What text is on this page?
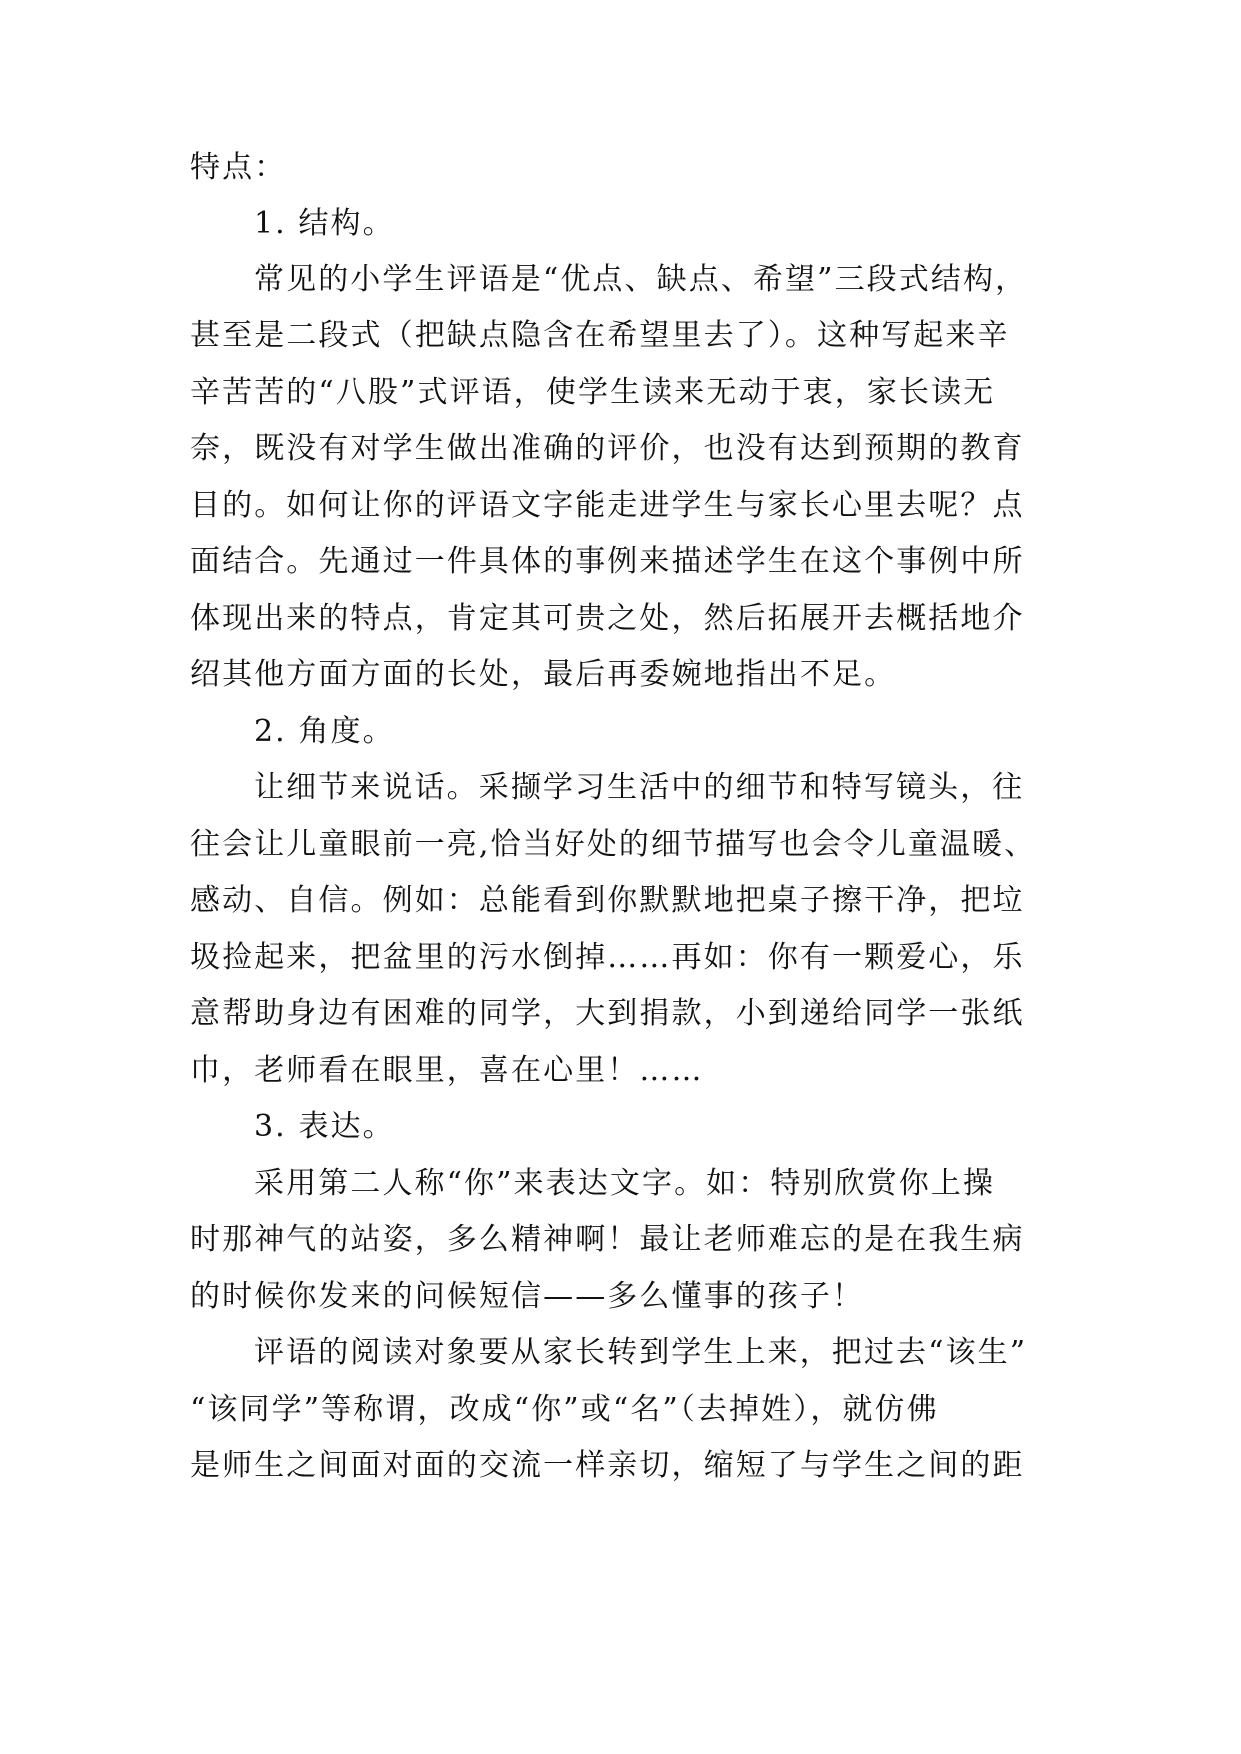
特点：

1. 结构。

常见的小学生评语是“优点、缺点、希望”三段式结构，

甚至是二段式（把缺点隐含在希望里去了）。这种写起来辛

辛苦苦的“八股”式评语，使学生读来无动于衷，家长读无

奈，既没有对学生做出准确的评价，也没有达到预期的教育

目的。如何让你的评语文字能走进学生与家长心里去呢？点

面结合。先通过一件具体的事例来描述学生在这个事例中所

体现出来的特点，肯定其可贵之处，然后拓展开去概括地介

绍其他方面方面的长处，最后再委婉地指出不足。

2. 角度。

让细节来说话。采撷学习生活中的细节和特写镜头，往

往会让儿童眼前一亮,恰当好处的细节描写也会令儿童温暖、

感动、自信。例如：总能看到你默默地把桌子擦干净，把垃

圾捡起来，把盆里的污水倒掉……再如：你有一颗爱心，乐

意帮助身边有困难的同学，大到捐款，小到递给同学一张纸

巾，老师看在眼里，喜在心里！……

3. 表达。

采用第二人称“你”来表达文字。如：特别欣赏你上操

时那神气的站姿，多么精神啊！最让老师难忘的是在我生病

的时候你发来的问候短信——多么懂事的孩子！

评语的阅读对象要从家长转到学生上来，把过去“该生”

“该同学”等称谓，改成“你”或“名”（去掉姓），就仿佛

是师生之间面对面的交流一样亲切，缩短了与学生之间的距
